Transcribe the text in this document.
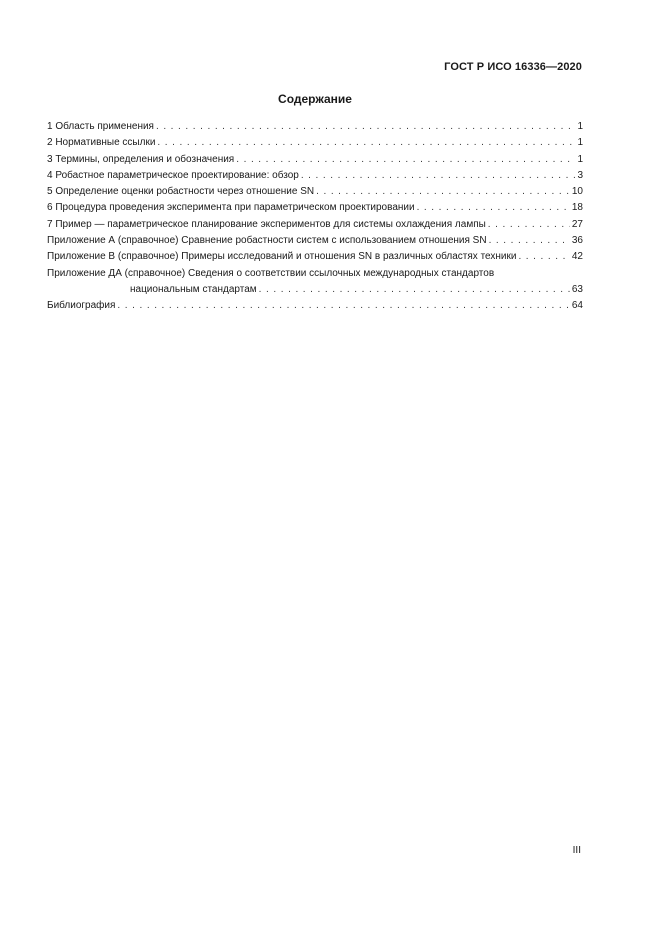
ГОСТ Р ИСО 16336—2020
Содержание
1 Область применения . . .	1
2 Нормативные ссылки . . .	1
3 Термины, определения и обозначения . . .	1
4 Робастное параметрическое проектирование: обзор . . .	3
5 Определение оценки робастности через отношение SN . . .	10
6 Процедура проведения эксперимента при параметрическом проектировании . . .	18
7 Пример — параметрическое планирование экспериментов для системы охлаждения лампы . . .	27
Приложение А (справочное) Сравнение робастности систем с использованием отношения SN . . .	36
Приложение В (справочное) Примеры исследований и отношения SN в различных областях техники . . .	42
Приложение ДА (справочное) Сведения о соответствии ссылочных международных стандартов
национальным стандартам . . .	63
Библиография . . .	64
III
